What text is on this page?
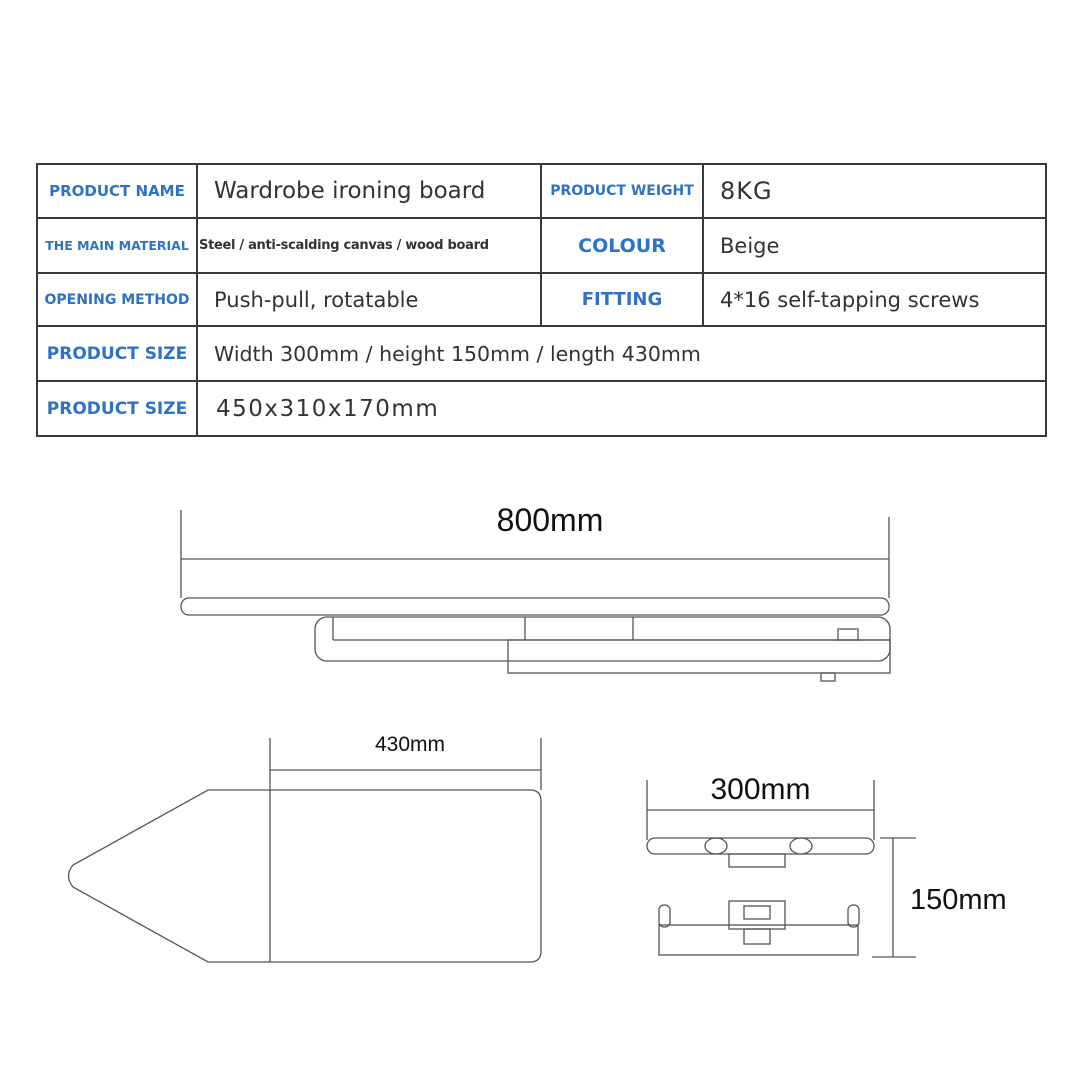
PRODUCT NAME	Wardrobe ironing board	PRODUCT WEIGHT	8KG
THE MAIN MATERIAL Steel / anti-scalding canvas / wood board	COLOUR	Beige
OPENING METHOD	Push-pull, rotatable	FITTING	4*16 self-tapping screws
PRODUCT SIZE	Width 300mm / height 150mm / length 430mm
PRODUCT SIZE	450x310x170mm
800mm
430mm
300mm
150mm
